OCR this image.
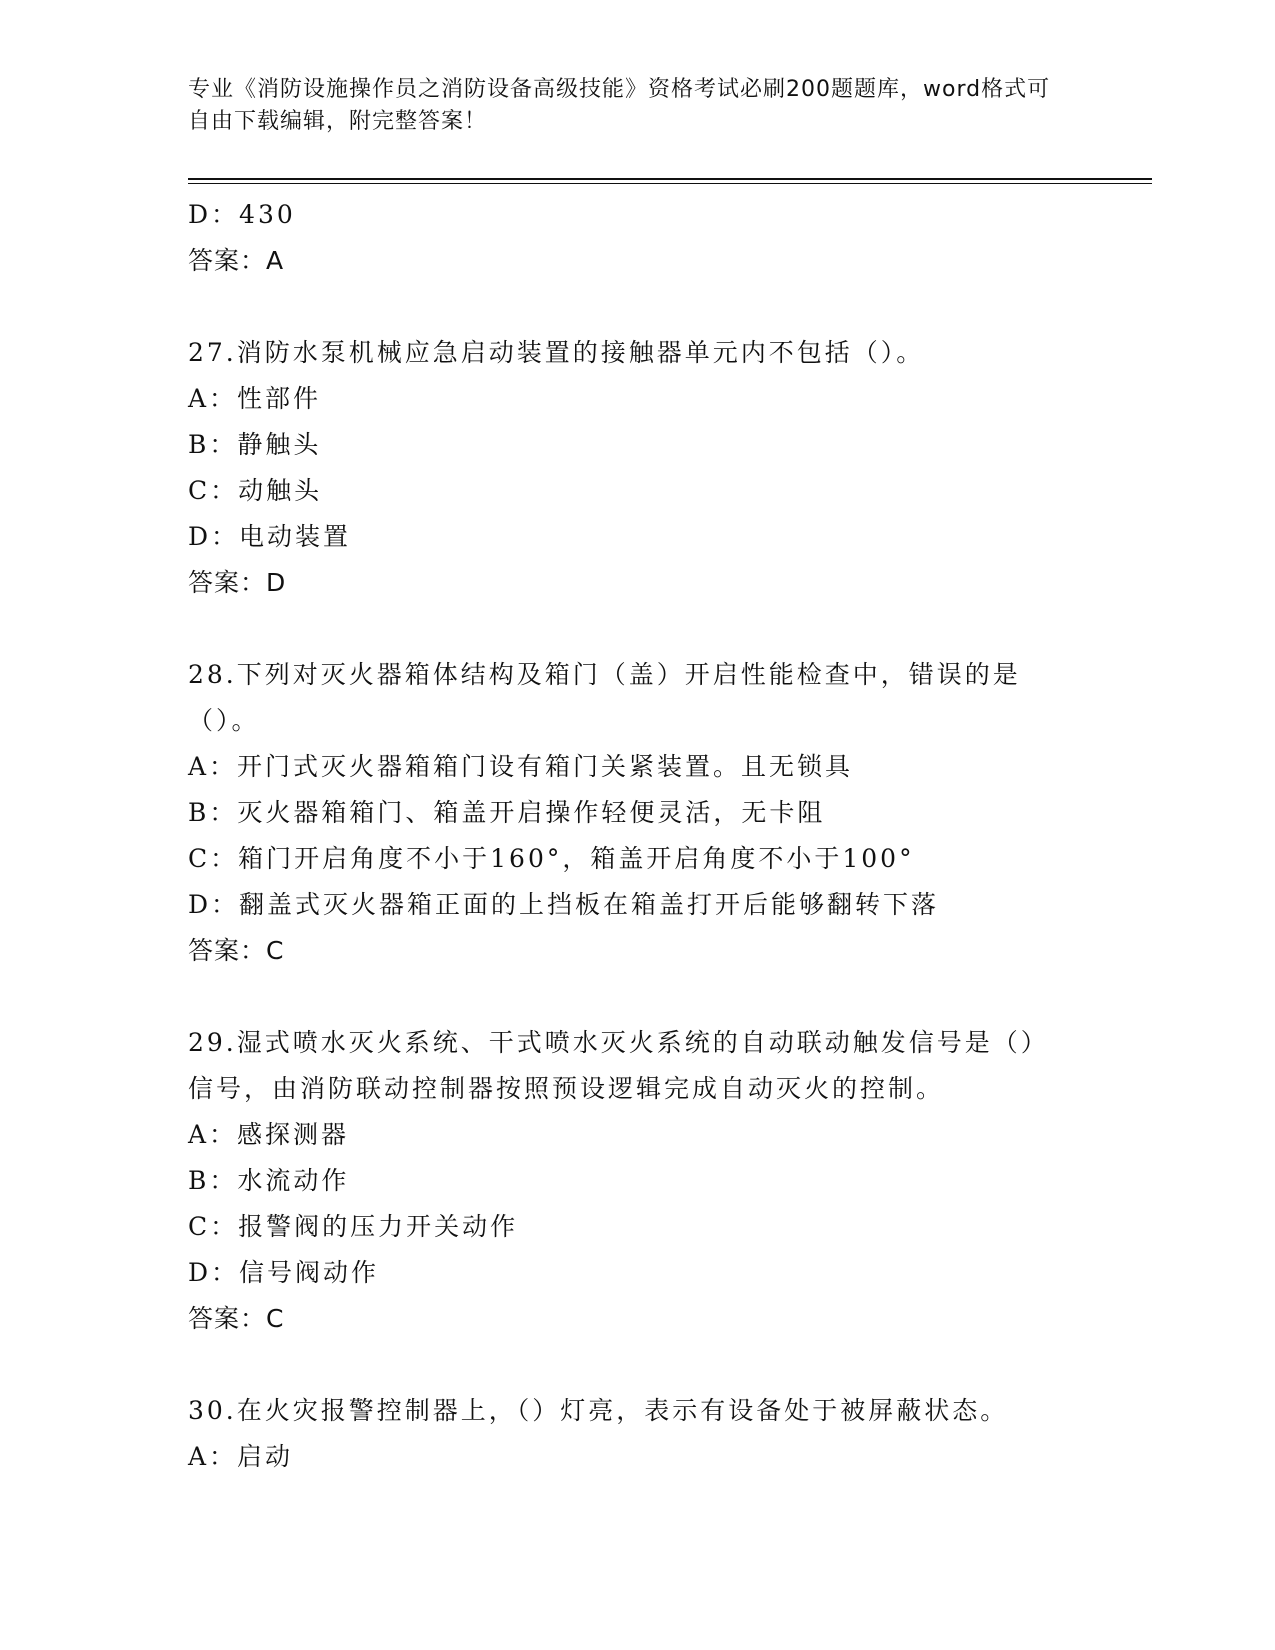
专业《消防设施操作员之消防设备高级技能》资格考试必刷200题题库，word格式可自由下载编辑，附完整答案！
D：430
答案：A
27.消防水泵机械应急启动装置的接触器单元内不包括（）。
A：性部件
B：静触头
C：动触头
D：电动装置
答案：D
28.下列对灭火器箱体结构及箱门（盖）开启性能检查中，错误的是（）。
A：开门式灭火器箱箱门设有箱门关紧装置。且无锁具
B：灭火器箱箱门、箱盖开启操作轻便灵活，无卡阻
C：箱门开启角度不小于160°，箱盖开启角度不小于100°
D：翻盖式灭火器箱正面的上挡板在箱盖打开后能够翻转下落
答案：C
29.湿式喷水灭火系统、干式喷水灭火系统的自动联动触发信号是（）信号，由消防联动控制器按照预设逻辑完成自动灭火的控制。
A：感探测器
B：水流动作
C：报警阀的压力开关动作
D：信号阀动作
答案：C
30.在火灾报警控制器上，（）灯亮，表示有设备处于被屏蔽状态。
A：启动
